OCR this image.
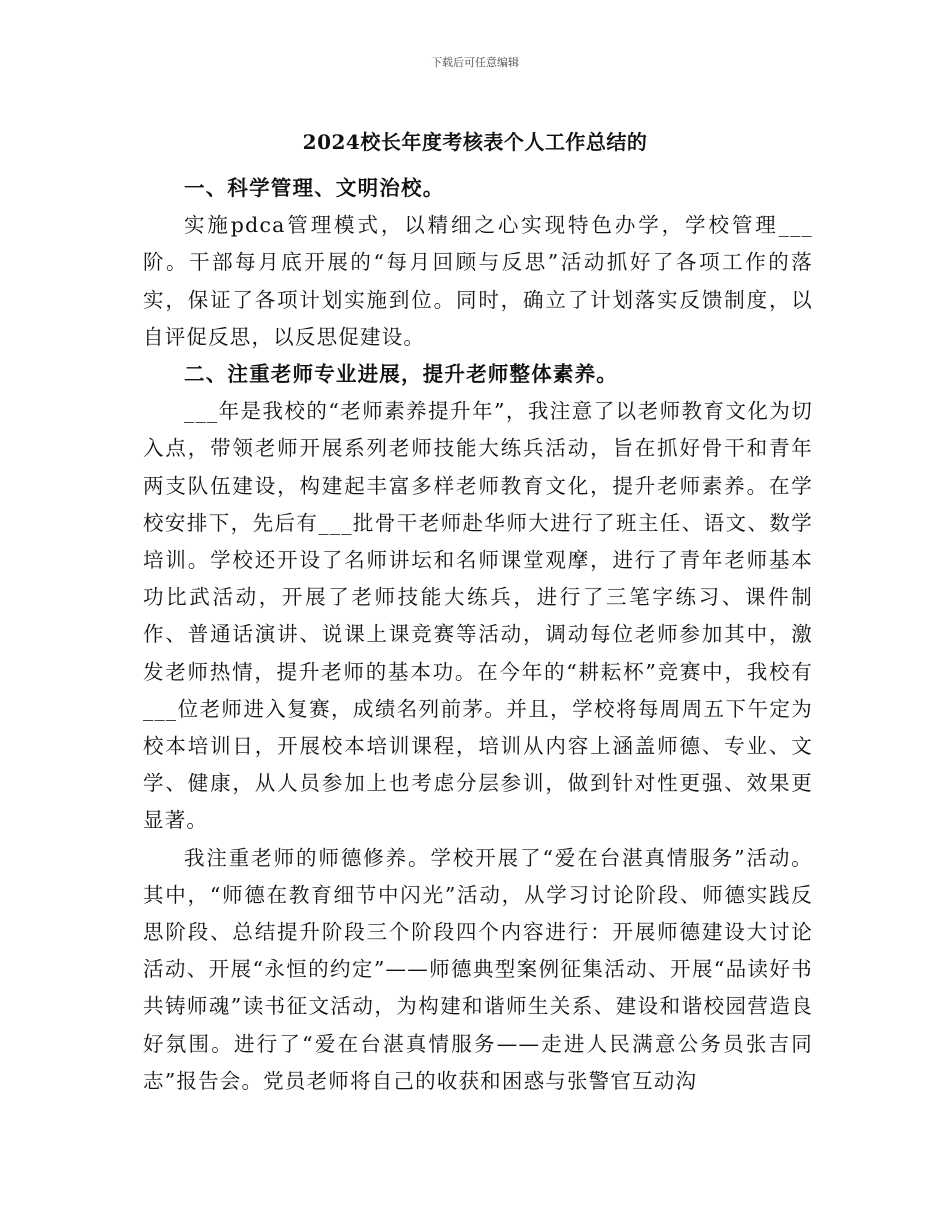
下载后可任意编辑
2024校长年度考核表个人工作总结的

一、科学管理、文明治校。

实施pdca管理模式，以精细之心实现特色办学，学校管理___阶。干部每月底开展的“每月回顾与反思”活动抓好了各项工作的落实，保证了各项计划实施到位。同时，确立了计划落实反馈制度，以自评促反思，以反思促建设。

二、注重老师专业进展，提升老师整体素养。

___年是我校的“老师素养提升年”，我注意了以老师教育文化为切入点，带领老师开展系列老师技能大练兵活动，旨在抓好骨干和青年两支队伍建设，构建起丰富多样老师教育文化，提升老师素养。在学校安排下，先后有___批骨干老师赴华师大进行了班主任、语文、数学培训。学校还开设了名师讲坛和名师课堂观摩，进行了青年老师基本功比武活动，开展了老师技能大练兵，进行了三笔字练习、课件制作、普通话演讲、说课上课竞赛等活动，调动每位老师参加其中，激发老师热情，提升老师的基本功。在今年的“耕耘杯”竞赛中，我校有___位老师进入复赛，成绩名列前茅。并且，学校将每周周五下午定为校本培训日，开展校本培训课程，培训从内容上涵盖师德、专业、文学、健康，从人员参加上也考虑分层参训，做到针对性更强、效果更显著。

我注重老师的师德修养。学校开展了“爱在台湛真情服务”活动。其中，“师德在教育细节中闪光”活动，从学习讨论阶段、师德实践反思阶段、总结提升阶段三个阶段四个内容进行：开展师德建设大讨论活动、开展“永恒的约定”——师德典型案例征集活动、开展“品读好书共铸师魂”读书征文活动，为构建和谐师生关系、建设和谐校园营造良好氛围。进行了“爱在台湛真情服务——走进人民满意公务员张吉同志”报告会。党员老师将自己的收获和困惑与张警官互动沟
